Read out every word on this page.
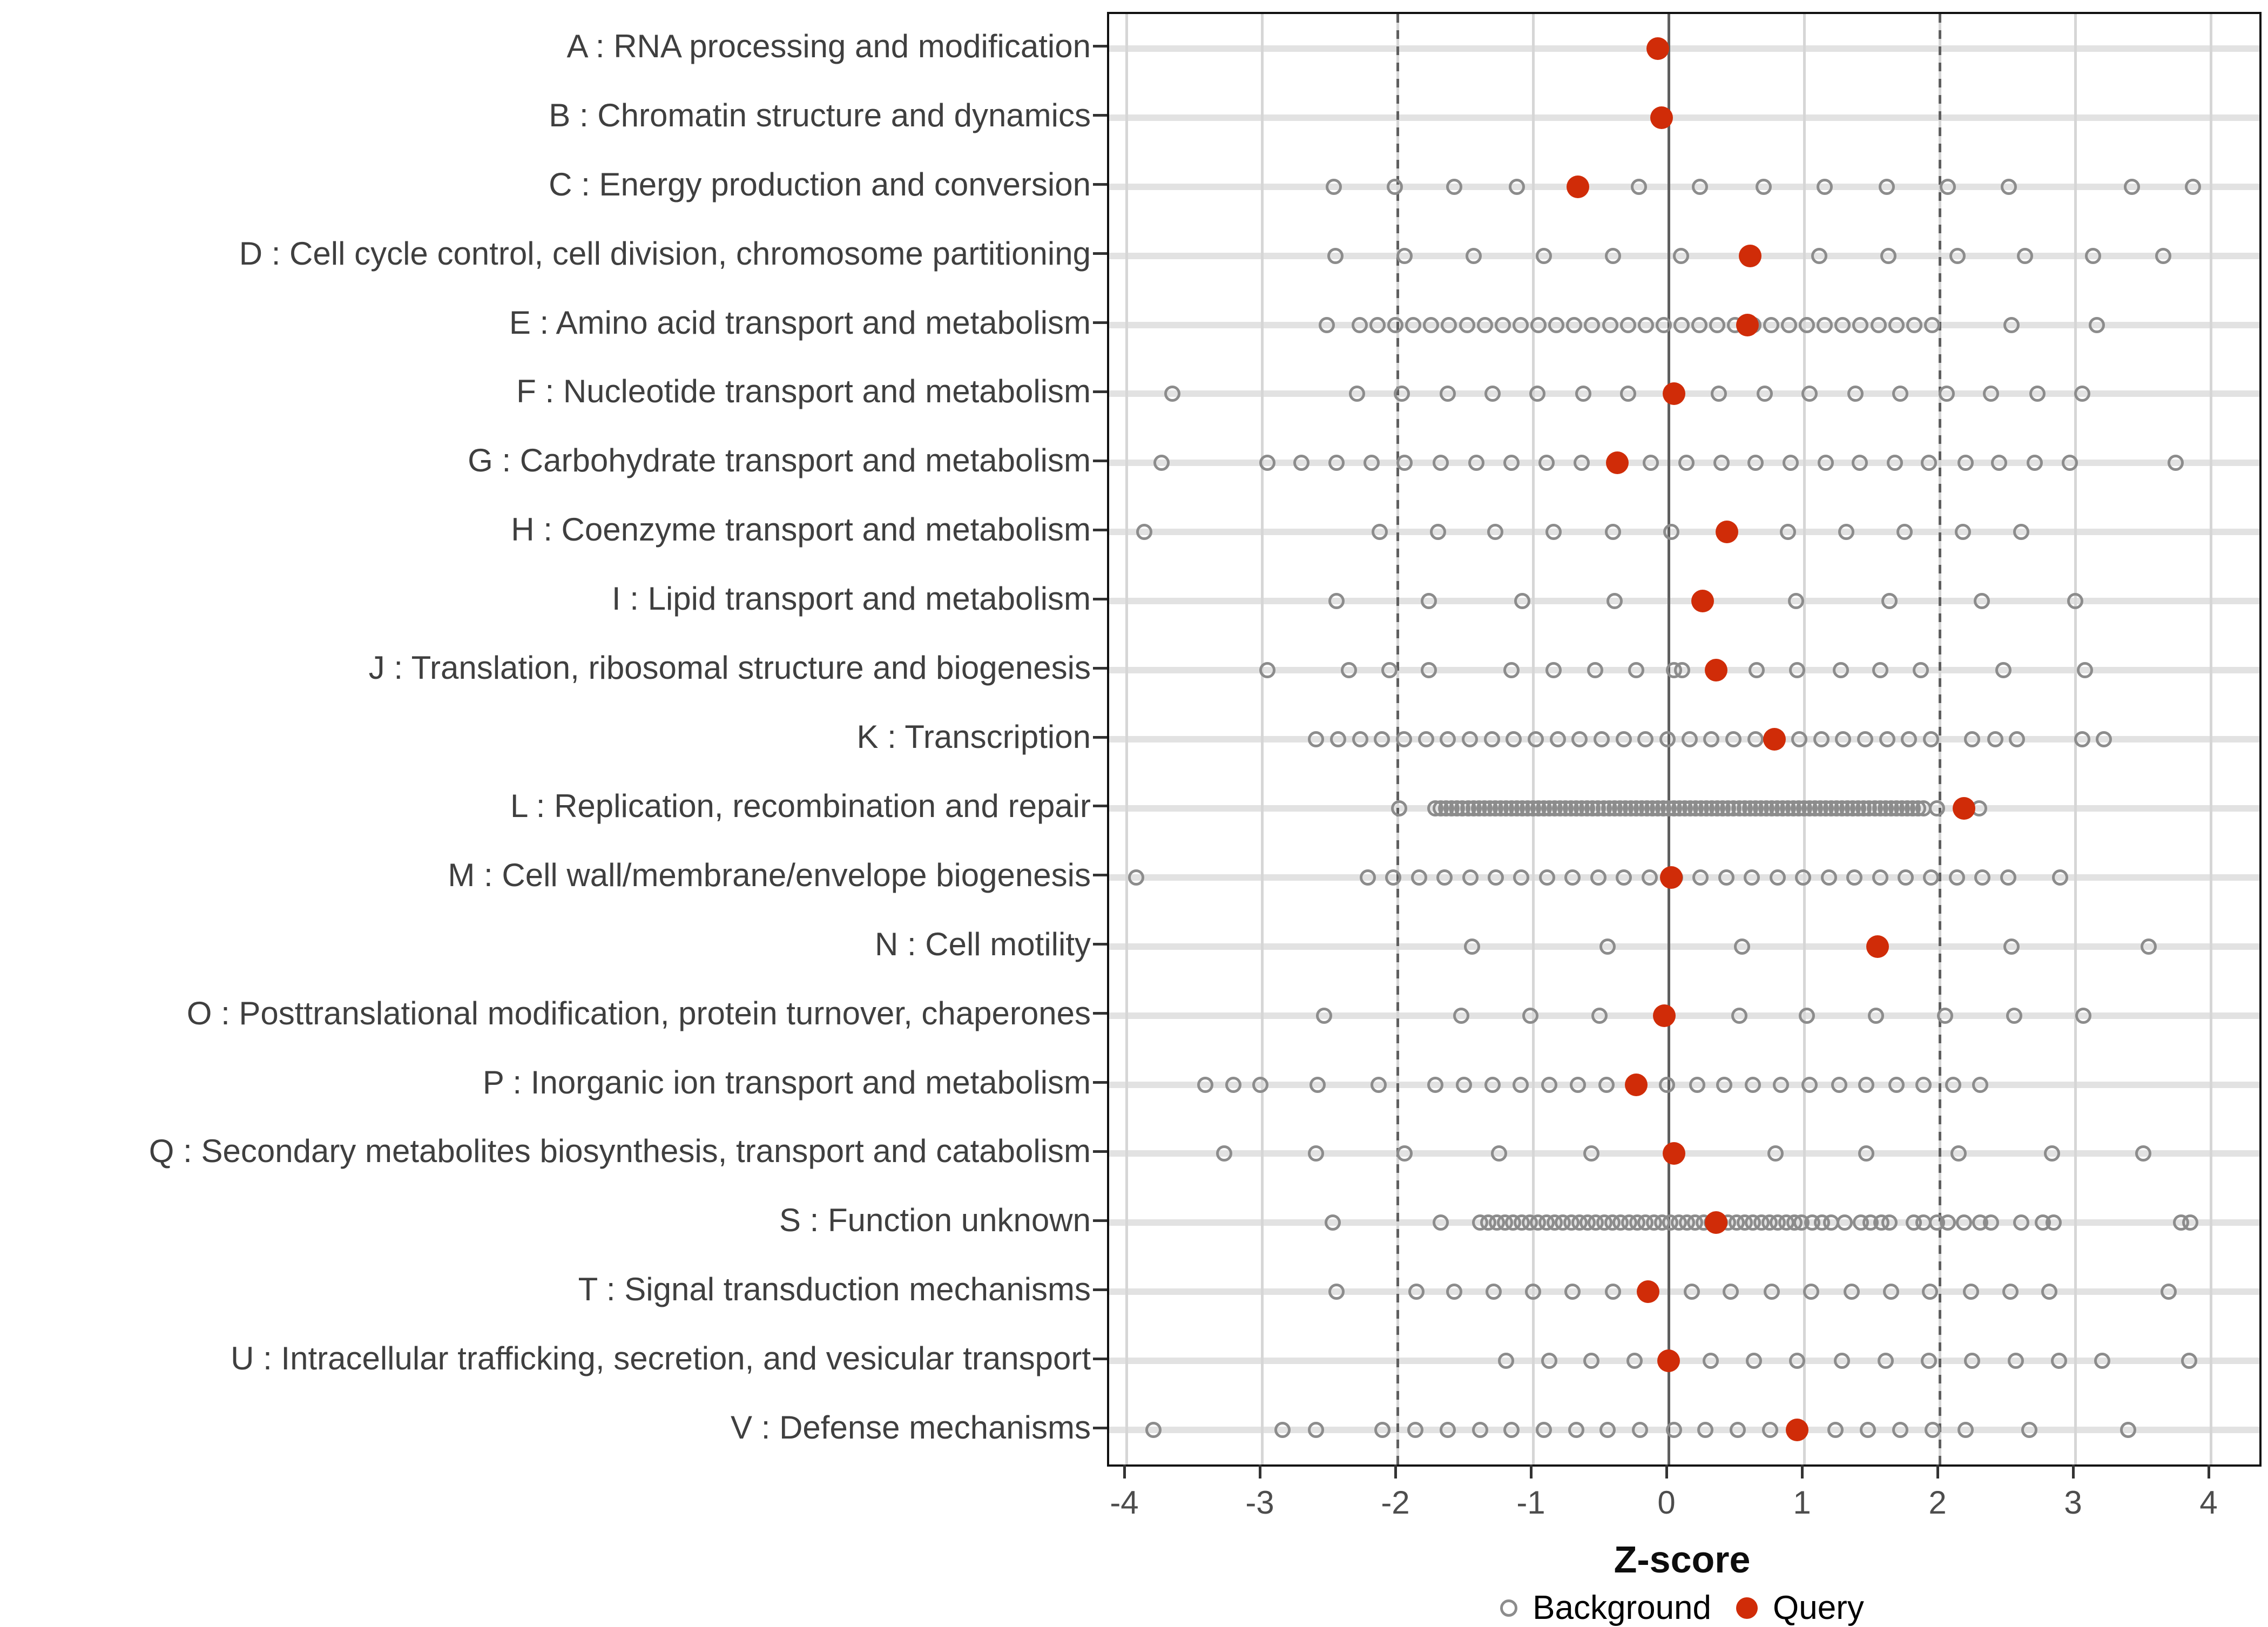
A : RNA processing and modification
B : Chromatin structure and dynamics
C : Energy production and conversion
D : Cell cycle control, cell division, chromosome partitioning
E : Amino acid transport and metabolism
F : Nucleotide transport and metabolism
G : Carbohydrate transport and metabolism
H : Coenzyme transport and metabolism
I : Lipid transport and metabolism
J : Translation, ribosomal structure and biogenesis
K : Transcription
L : Replication, recombination and repair
M : Cell wall/membrane/envelope biogenesis
N : Cell motility
O : Posttranslational modification, protein turnover, chaperones
P : Inorganic ion transport and metabolism
Q : Secondary metabolites biosynthesis, transport and catabolism
S : Function unknown
T : Signal transduction mechanisms
U : Intracellular trafficking, secretion, and vesicular transport
V : Defense mechanisms
-4	-3	-2	-1	0	1	2	3	4
Z-score
Background Query
